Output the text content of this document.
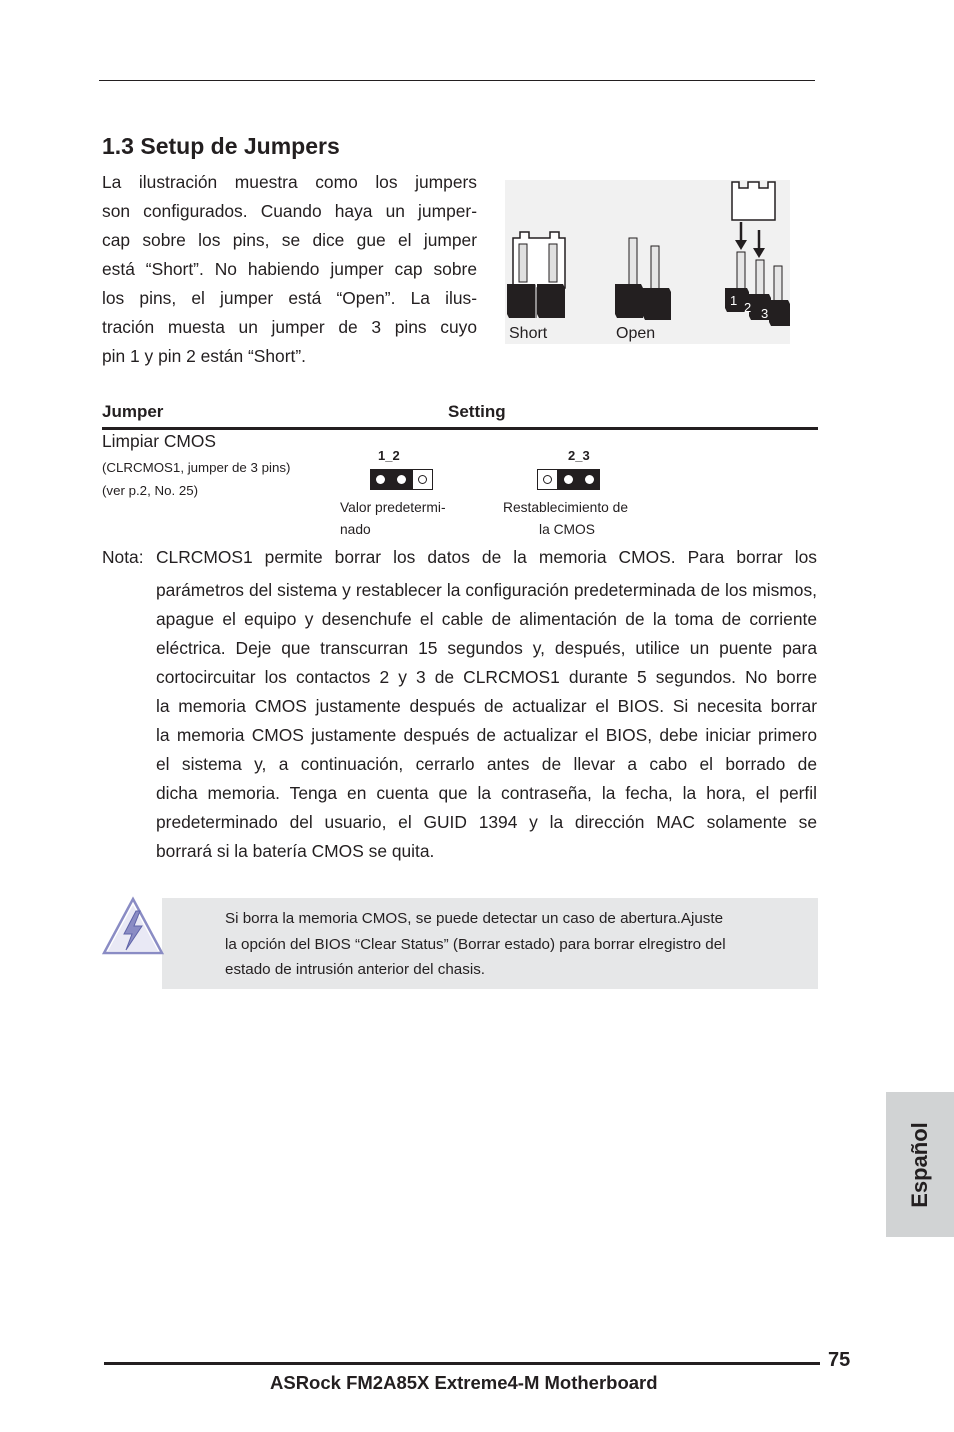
1.3 Setup de Jumpers
La ilustración muestra como los jumpers
son configurados. Cuando haya un jumper-
cap sobre los pins, se dice gue el jumper
está “Short”. No habiendo jumper cap sobre
los pins, el jumper está “Open”. La ilus-
tración muesta un jumper de 3 pins cuyo
pin 1 y pin 2 están “Short”.
1 2 3
Short	Open
Jumper	Setting
Limpiar CMOS
(CLRCMOS1, jumper de 3 pins)
(ver p.2, No. 25)
1_2
Valor predetermi-
nado
2_3
Restablecimiento de
la CMOS
Nota: CLRCMOS1 permite borrar los datos de la memoria CMOS. Para borrar los
parámetros del sistema y restablecer la configuración predeterminada de los mismos,
apague el equipo y desenchufe el cable de alimentación de la toma de corriente
eléctrica. Deje que transcurran 15 segundos y, después, utilice un puente para
cortocircuitar los contactos 2 y 3 de CLRCMOS1 durante 5 segundos. No borre
la memoria CMOS justamente después de actualizar el BIOS. Si necesita borrar
la memoria CMOS justamente después de actualizar el BIOS, debe iniciar primero
el sistema y, a continuación, cerrarlo antes de llevar a cabo el borrado de
dicha memoria. Tenga en cuenta que la contraseña, la fecha, la hora, el perfil
predeterminado del usuario, el GUID 1394 y la dirección MAC solamente se
borrará si la batería CMOS se quita.
Si borra la memoria CMOS, se puede detectar un caso de abertura.Ajuste
la opción del BIOS “Clear Status” (Borrar estado) para borrar elregistro del
estado de intrusión anterior del chasis.
Español
75
ASRock FM2A85X Extreme4-M Motherboard
